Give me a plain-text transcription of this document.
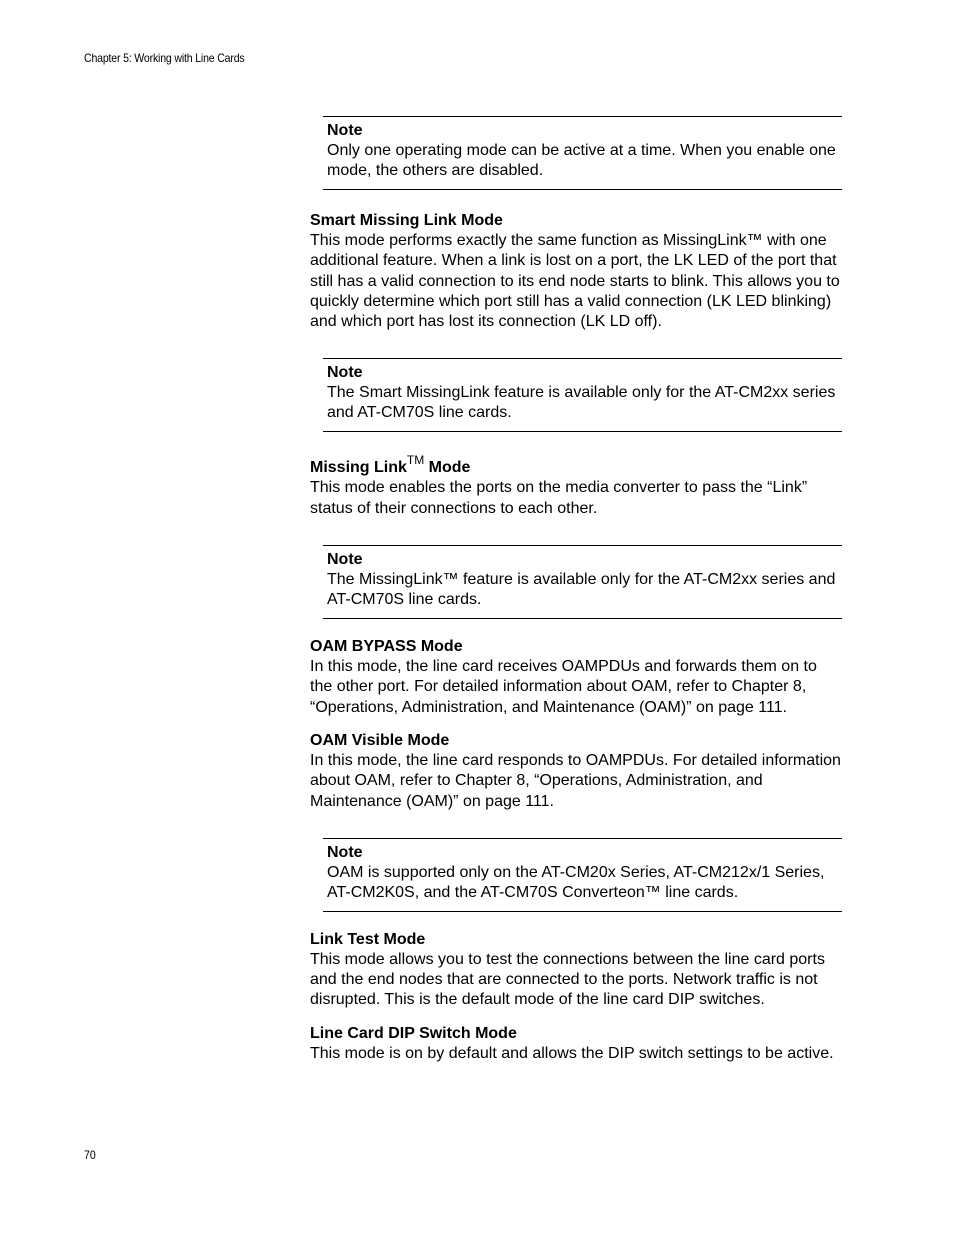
Chapter 5: Working with Line Cards
Note
Only one operating mode can be active at a time. When you enable one mode, the others are disabled.
Smart Missing Link Mode
This mode performs exactly the same function as MissingLink™ with one additional feature. When a link is lost on a port, the LK LED of the port that still has a valid connection to its end node starts to blink. This allows you to quickly determine which port still has a valid connection (LK LED blinking) and which port has lost its connection (LK LD off).
Note
The Smart MissingLink feature is available only for the AT-CM2xx series and AT-CM70S line cards.
Missing Link™ Mode
This mode enables the ports on the media converter to pass the “Link” status of their connections to each other.
Note
The MissingLink™ feature is available only for the AT-CM2xx series and AT-CM70S line cards.
OAM BYPASS Mode
In this mode, the line card receives OAMPDUs and forwards them on to the other port. For detailed information about OAM, refer to Chapter 8, “Operations, Administration, and Maintenance (OAM)” on page 111.
OAM Visible Mode
In this mode, the line card responds to OAMPDUs. For detailed information about OAM, refer to Chapter 8, “Operations, Administration, and Maintenance (OAM)” on page 111.
Note
OAM is supported only on the AT-CM20x Series, AT-CM212x/1 Series, AT-CM2K0S, and the AT-CM70S Converteon™ line cards.
Link Test Mode
This mode allows you to test the connections between the line card ports and the end nodes that are connected to the ports. Network traffic is not disrupted. This is the default mode of the line card DIP switches.
Line Card DIP Switch Mode
This mode is on by default and allows the DIP switch settings to be active.
70
